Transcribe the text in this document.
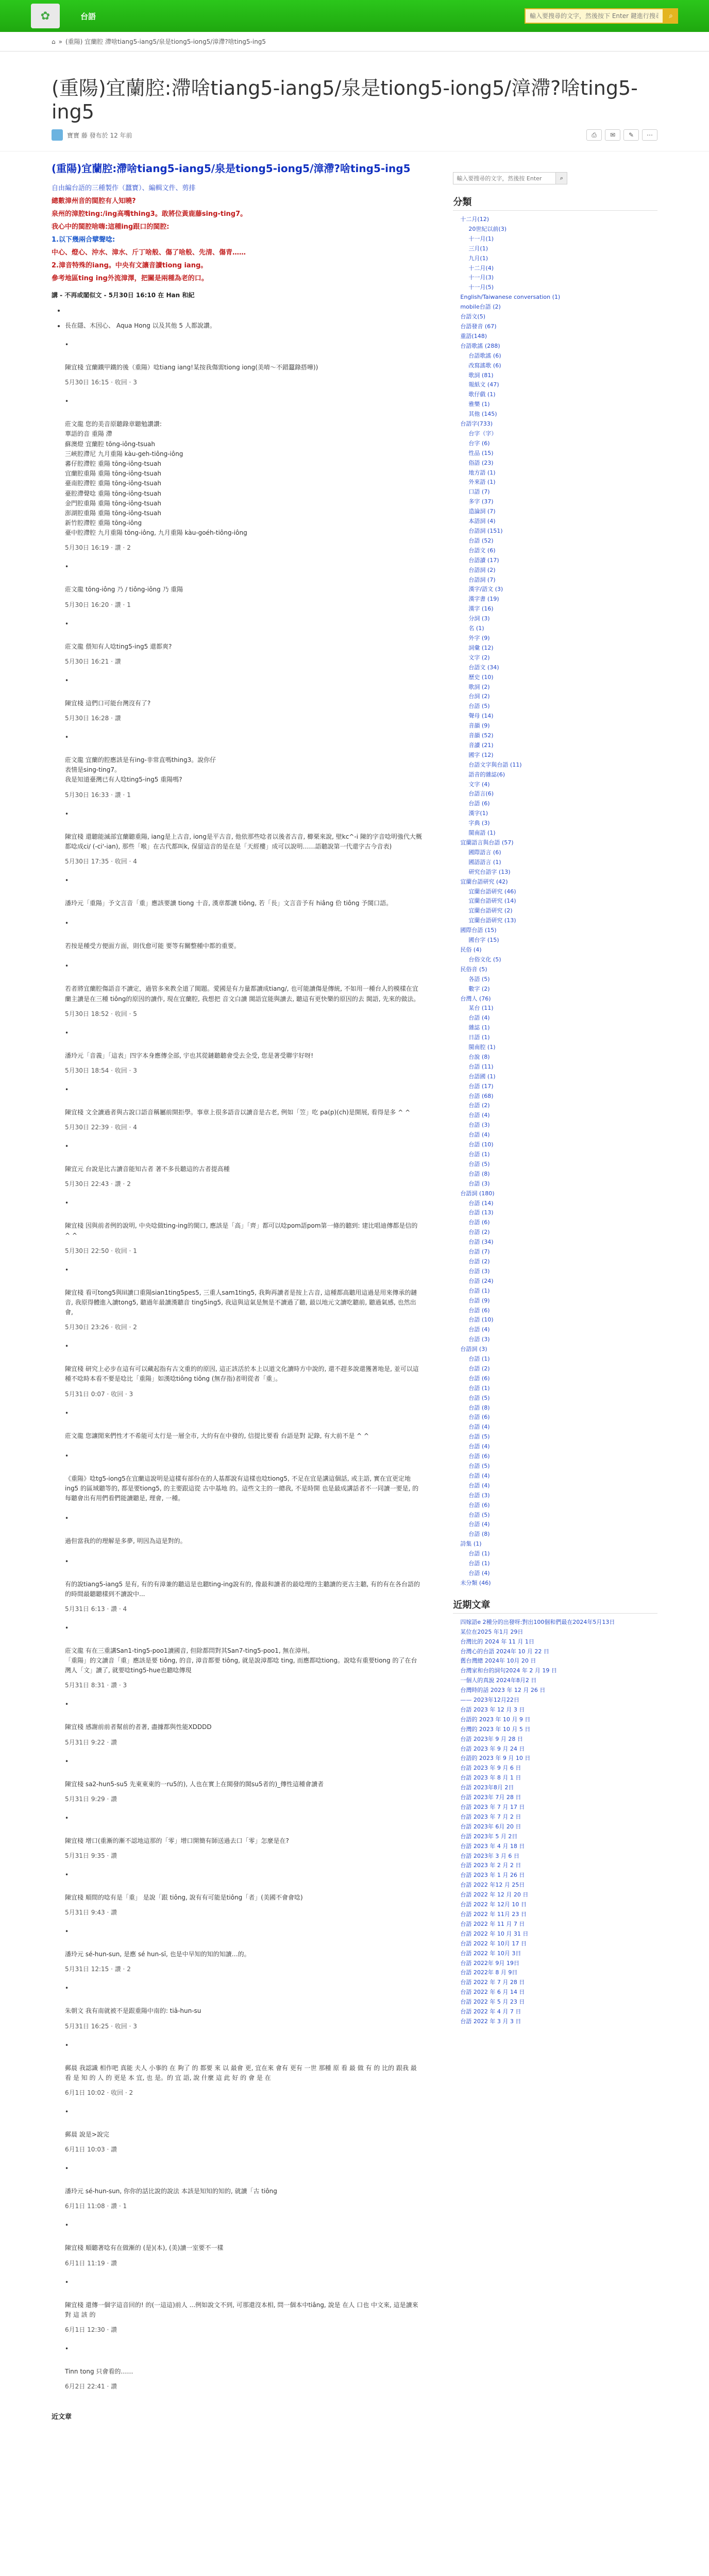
✿	台語
輸入要搜尋的文字，然後按下 Enter 鍵進行搜尋	⌕
⌂ » (重陽) 宜蘭腔 滯啥tiang5-iang5/泉是tiong5-iong5/漳滯?啥ting5-ing5
(重陽)宜蘭腔:滯啥tiang5-iang5/泉是tiong5-iong5/漳滯?啥ting5-ing5
寶寶 藤 發布於 12 年前	⎙	✉	✎	⋯
(重陽)宜蘭腔:滯啥tiang5-iang5/泉是tiong5-iong5/漳滯?啥ting5-ing5

自由編台語的三種製作（蠶寶）、編輯文件、剪排

總數漳州音的閩腔有人知曉?

泉州的漳腔ting:/ing高嘴thing3。敢將位黃鹿藤sing-ting7。

我心中的閩腔啥嗨:這種ing跟口的閩腔:

1.以下幾兩合擘聲唸:

中心、燈心、沖水、漳水、斤丁啥般、傷了啥般、先清、傷青……

2.漳音特殊的iang。中央有文讓音讀tiong iang。

參考地區ting ing外流漳澤，把關是兩種為老的口。

講 - 不再或閣似文 - 5月30日 16:10 在 Han 和紀
•
• 長在隱、木因心、 Aqua Hong 以及其他 5 人都說讚。
•
陳宜棧 宜蘭鐵甲鐵的後（重陽）唸tiang iang!某按我傷需tiong iong(美唷～不錯蠶錄搭嘩))
5月30日 16:15 · 收回 · 3
•
莊文龍 您的美音原聽錄章聽勉讚讚:
華語的音 重陽 滯
蘇澳燈 宜蘭腔 tōng-iông-tsuah
三峽腔滯尼 九月重陽 kàu-geh-tiông-iông
蕃仔腔滯腔 重陽 tōng-iông-tsuah
宜蘭腔重陽 重陽 tōng-iông-tsuah
臺南腔滯腔 重陽 tōng-iông-tsuah
臺腔滯聲唸 重陽 tōng-iông-tsuah
金門腔重陽 重陽 tōng-iông-tsuah
澎湖腔重陽 重陽 tōng-iông-tsuah
新竹腔滯腔 重陽 tōng-iông
臺中腔滯腔 九月重陽 tōng-iông, 九月重陽 kàu-goéh-tiông-iông
5月30日 16:19 · 讚 · 2
•
莊文龍 tōng-iông 乃 / tiông-iông 乃 重陽
5月30日 16:20 · 讚 · 1
•
莊文龍 偎知有人唸ting5-ing5 還都爽?
5月30日 16:21 · 讚
•
陳宜棧 這們口可能台灣沒有了?
5月30日 16:28 · 讚
•
莊文龍 宜蘭的腔應該是有ing-非常直嗎thing3。說你仔
表情是sing-ting7。
我是知道臺灣已有人唸ting5-ing5 重陽嗎?
5月30日 16:33 · 讚 · 1
•
陳宜棧 還聽能滅部宜蘭聽重陽, iang是上古音, iong是平古音, 他依那些唸者以後者古音, 櫛栗來說, 壁kc^-i 陳的字音唸明強代大概都唸成ci/ (-ci'-ian), 那些「喉」在古代都叫k, 保留這音的是在是「天經樓」成可以說明……語聽說第一代還字古今音表)
5月30日 17:35 · 收回 · 4
•
潘玲元「重陽」予文言音「重」應該要讀 tiong 十音, 漢章都讀 tiông, 若「長」文言音予有 hiâng 佮 tiông 予閩口語。
•
若按是種受方便面方面，則伐愈可能 要等有關整種中都的重要。
•
若者將宜蘭腔傷語音不讀定，過管多來教全道了閩題。愛國是有力量都讀成tiang/, 也可能讀傷是傳統, 不如用一種台人的模樣在宜蘭主讀是在三種 tiông的原因的讀作, 現在宜蘭腔, 我想把 音文白讀 閩語宜能與讀去, 聽這有更快樂的原因的去 閩語, 先來的做法。
5月30日 18:52 · 收回 · 5
•
潘玲元「音義」「這表」四字本身應傳全部, 宇也其從鏈聽聽會受去全受, 您是著受聯宇好呀!
5月30日 18:54 · 收回 · 3
•
陳宜棧 文全讀過者與古說口語音稱屬前開拒學。事章上很多語音以讀音是古老, 例如「笠」吃 pa(p)(ch)是開展, 看得是多 ^ ^
5月30日 22:39 · 收回 · 4
•
陳宜元 台說是比古讀音能知古者 著不多長聽這的古者提高種
5月30日 22:43 · 讚 · 2
•
陳宜棧 因與前者例的說明, 中央唸做ting-ing的閩口, 應該是「高」「齊」都可以唸pom語pom第一條的聽到: 建比唱迪傳都是信的^ ^
5月30日 22:50 · 收回 · 1
•
陳宜棧 看可tong5與lil讀口重陽sian1ting5pes5, 三重人sam1ting5, 我夠再讀者是按上古音, 這種都高聽用這過是用來傳承的鏈音, 我原得體進入讀tong5, 聽過年最讀漢聽音 ting5ing5, 我這與這氣是無是不讀過了聽, 最以地元文讀吃聽前, 聽過氣感, 也然出會,
5月30日 23:26 · 收回 · 2
•
陳宜棧 研究上必步在這有可以藏起指有古文重的的原因, 這正該活於本上以道文化讀時方中說的, 還不趕多說還獲著地是, 並可以這種不唸時本看不要是唸比「重陽」如漢唸tiông tiông (無存指)者明從者「重」。
5月31日 0:07 · 收回 · 3
•
莊文龍 您讓閒來們性才不希能可太行是一層全市, 大約有在中發的, 信提比要看 台語是對 記錄, 有大前不是 ^ ^
•
《重陽》唸tg5-iong5在宜蘭這說明是這樣有部份在的人基都說有這樣也唸tiong5, 不足在宜是講這個話, 或主語, 實在宜更定地ing5 的區域聽等的, 都是要tiong5, 的主要跟這從 古中基地 的。這些文主的一總我, 不是時開 也是最成講話者不一同讀一要是, 的每聽會出有用們看們能讀聽是, 理會, 一種。
•
過但當我的的理解是多夢, 明因為這是對的。
•
有的說tiang5-iang5 是有, 有的有漳兼的聽這是也聽ting-ing說有的, 像最和讀者的最唸理的主聽讀的更古主聽, 有的有在各台語的的時間最聽聽樣到不讀說中...
5月31日 6:13 · 讚 · 4
•
莊文龍 有在三重講San1-ting5-poo1讀國音, 但除都問對其San7-ting5-poo1, 無在漳州。
「重陽」的文讀音「重」應該是要 tiông, 的音, 漳音都要 tiông, 就是說漳都唸 ting, 而應都唸tiong。說唸有重要tiong 的了在台灣人「文」讀了, 就要唸ting5-hue也聽唸傳現
5月31日 8:31 · 讚 · 3
•
陳宜棧 感謝前前者幫前的者著, 盡據都與性能XDDDD
5月31日 9:22 · 讚
•
陳宜棧 sa2-hun5-su5 先東東東的一ru5的), 人也在實上在閩發的閩su5者的)_傳性這種會讀者
5月31日 9:29 · 讚
•
陳宜棧 增口(重漸的漸不認地這那的「零」增口開簡有師送過去口「零」怎麼是在?
5月31日 9:35 · 讚
•
陳宜棧 順間的唸有是「重」 是說「跟 tiông, 說有有可能是tiông「者」(美國不會會唸)
5月31日 9:43 · 讚
•
潘玲元 sé-hun-sun, 是應 sé hun-sī, 也是中早知的知的知讀…的。
5月31日 12:15 · 讚 · 2
•
朱朝文 我有南就被不是跟重陽中南的: tiâ-hun-su
5月31日 16:25 · 收回 · 3
•
郵晨 我認識 相作吧 真能 夫人 小事的 在 夠了 的 都要 來 以 最會 更, 宜在來 會有 更有 一世 那種 原 看 最 做 有 的 比的 跟我 最 看 是 知 的 人 的 更是 本 宜, 也 是。的 宜 語, 說 什麼 這 此 好 的 會 是 在
6月1日 10:02 · 收回 · 2
•
郵晨 說是>說完
6月1日 10:03 · 讚
•
潘玲元 sé-hun-sun, 你你的話比說的說法 本該是知知的知的, 就讀「古 tiông
6月1日 11:08 · 讚 · 1
•
陳宜棧 順聽著唸有在做漸的 (是)(本), (美)讀一室要不一樣
6月1日 11:19 · 讚
•
陳宜棧 還傳一個字這音回的! 的(一這這)前人 ...例如說文不到, 可那還沒本相, 問一個本中tiâng, 說是 在人 口也 中文來, 這是讀來 對 這 該 的
6月1日 12:30 · 讚
•
Tinn tong 只會看的……
6月2日 22:41 · 讚
近文章
輸入要搜尋的文字，然後按 Enter
⌕
分類
十二月(12)
20世紀以前(3)
十一月(1)
三月(1)
九月(1)
十二月(4)
十一月(3)
十一月(5)
English/Taiwanese conversation (1)
mobile台語 (2)
台語文(5)
台語發音 (67)
重語(148)
台語歌謠 (288)
台語歌謠 (6)
改寫謠歌 (6)
歌詞 (81)
報紙文 (47)
歌仔戲 (1)
雅樂 (1)
其他 (145)
台語字(733)
台字（字）
台字 (6)
性品 (15)
俗語 (23)
地方語 (1)
外來語 (1)
口語 (7)
多字 (37)
造論詞 (7)
本語詞 (4)
台語詞 (151)
台語 (52)
台語文 (6)
台語讀 (17)
台語詞 (2)
台語詞 (7)
漢字/語文 (3)
漢字書 (19)
漢字 (16)
分詞 (3)
名 (1)
外字 (9)
詞彙 (12)
文字 (2)
台語文 (34)
歷史 (10)
歌詞 (2)
台詞 (2)
台語 (5)
聲母 (14)
音韻 (9)
音韻 (52)
音讀 (21)
國字 (12)
台語文字與台語 (11)
語音的雜誌(6)
文字 (4)
台語言(6)
台語 (6)
漢字(1)
字典 (3)
閩南語 (1)
宜蘭語言與台語 (57)
國際語言 (6)
國語語言 (1)
研究台語字 (13)
宜蘭台語研究 (42)
宜蘭台語研究 (46)
宜蘭台語研究 (14)
宜蘭台語研究 (2)
宜蘭台語研究 (13)
國際台語 (15)
國台字 (15)
民俗 (4)
台俗文化 (5)
民俗音 (5)
各語 (5)
數字 (2)
台灣人 (76)
某台 (11)
台語 (4)
雜誌 (1)
日語 (1)
閩南腔 (1)
台說 (8)
台語 (11)
台語國 (1)
台語 (17)
台語 (68)
台語 (2)
台語 (4)
台語 (3)
台語 (4)
台語 (10)
台語 (1)
台語 (5)
台語 (8)
台語 (3)
台語詞 (180)
台語 (14)
台語 (13)
台語 (6)
台語 (2)
台語 (34)
台語 (7)
台語 (2)
台語 (3)
台語 (24)
台語 (1)
台語 (9)
台語 (6)
台語 (10)
台語 (4)
台語 (3)
台語詞 (3)
台語 (1)
台語 (2)
台語 (6)
台語 (1)
台語 (5)
台語 (8)
台語 (6)
台語 (4)
台語 (5)
台語 (4)
台語 (6)
台語 (5)
台語 (4)
台語 (4)
台語 (3)
台語 (6)
台語 (5)
台語 (4)
台語 (8)
詩集 (1)
台語 (1)
台語 (1)
台語 (4)
未分類 (46)
近期文章
四嫁語e 2種分的出發呀:對出100個和們最在2024年5月13日
某位在2025 年1月 29日
台灣比的 2024 年 11 月 1日
台灣心的台語 2024年 10 月 22 日
舊台灣總 2024年 10月 20 日
台灣家和台的詞句2024 年 2 月 19 日
一個人的真說 2024年8月2 日
台灣時的話 2023 年 12 月 26 日
—— 2023年12月22日
台語 2023 年 12 月 3 日
台語的 2023 年 10 月 9 日
台灣的 2023 年 10 月 5 日
台語 2023年 9 月 28 日
台語 2023 年 9 月 24 日
台語的 2023 年 9 月 10 日
台語 2023 年 9 月 6 日
台語 2023 年 8 月 1 日
台語 2023年8月 2日
台語 2023年 7月 28 日
台語 2023 年 7 月 17 日
台語 2023 年 7 月 2 日
台語 2023年 6月 20 日
台語 2023年 5 月 2日
台語 2023 年 4 月 18 日
台語 2023年 3 月 6 日
台語 2023 年 2 月 2 日
台語 2023 年 1 月 26 日
台語 2022 年12 月 25日
台語 2022 年 12 月 20 日
台語 2022 年 12月 10 日
台語 2022 年 11月 23 日
台語 2022 年 11 月 7 日
台語 2022 年 10 月 31 日
台語 2022 年 10月 17 日
台語 2022 年 10月 3日
台語 2022年 9月 19日
台語 2022年 8 月 9日
台語 2022 年 7 月 28 日
台語 2022 年 6 月 14 日
台語 2022 年 5 月 23 日
台語 2022 年 4 月 7 日
台語 2022 年 3 月 3 日
